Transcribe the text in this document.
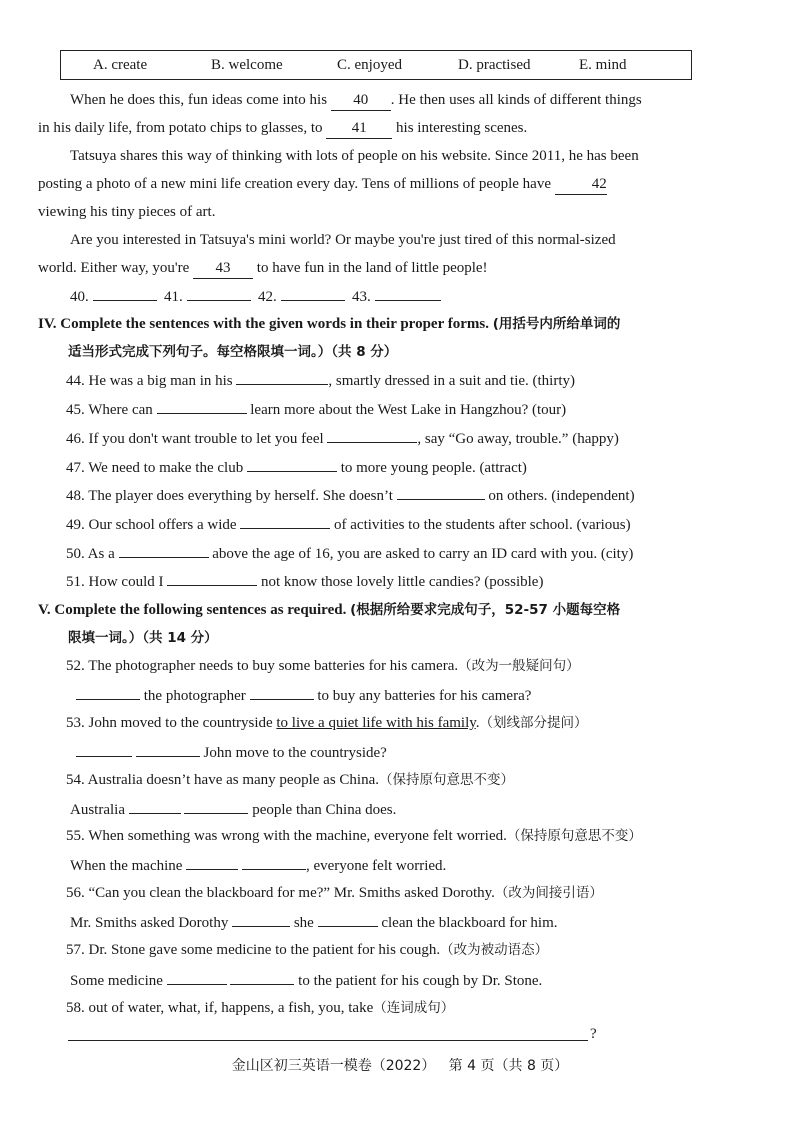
A. create	B. welcome	C. enjoyed	D. practised	E. mind
When he does this, fun ideas come into his 40 . He then uses all kinds of different things
in his daily life, from potato chips to glasses, to 41 his interesting scenes.
Tatsuya shares this way of thinking with lots of people on his website. Since 2011, he has been
posting a photo of a new mini life creation every day. Tens of millions of people have	42
viewing his tiny pieces of art.
Are you interested in Tatsuya's mini world? Or maybe you're just tired of this normal-sized
world. Either way, you're 43 to have fun in the land of little people!
40.	41.	42.	43.
IV. Complete the sentences with the given words in their proper forms. (用括号内所给单词的
适当形式完成下列句子。每空格限填一词。）（共 8 分）
44. He was a big man in his	, smartly dressed in a suit and tie. (thirty)
45. Where can	learn more about the West Lake in Hangzhou? (tour)
46. If you don't want trouble to let you feel	, say “Go away, trouble.” (happy)
47. We need to make the club	to more young people. (attract)
48. The player does everything by herself. She doesn’t	on others. (independent)
49. Our school offers a wide	of activities to the students after school. (various)
50. As a	above the age of 16, you are asked to carry an ID card with you. (city)
51. How could I	not know those lovely little candies? (possible)
V. Complete the following sentences as required. (根据所给要求完成句子，52-57 小题每空格
限填一词。）（共 14 分）
52. The photographer needs to buy some batteries for his camera.（改为一般疑问句）
the photographer	to buy any batteries for his camera?
53. John moved to the countryside to live a quiet life with his family.（划线部分提问）
John move to the countryside?
54. Australia doesn’t have as many people as China.（保持原句意思不变）
Australia	people than China does.
55. When something was wrong with the machine, everyone felt worried.（保持原句意思不变）
When the machine	, everyone felt worried.
56. “Can you clean the blackboard for me?” Mr. Smiths asked Dorothy.（改为间接引语）
Mr. Smiths asked Dorothy	she	clean the blackboard for him.
57. Dr. Stone gave some medicine to the patient for his cough.（改为被动语态）
Some medicine	to the patient for his cough by Dr. Stone.
58. out of water, what, if, happens, a fish, you, take（连词成句）
?
金山区初三英语一模卷（2022）   第 4 页（共 8 页）
